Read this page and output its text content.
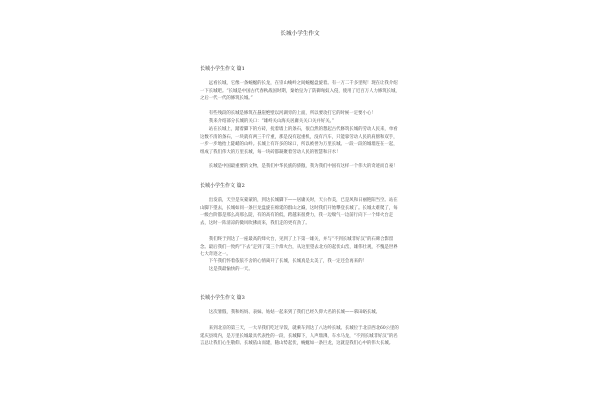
长城小学生作文
长城小学生作文 篇1

远看长城，它像一条蜿蜒的长龙，在崇山峻岭之间蜿蜒盘旋着。有一万二千多里呢！现在让我介绍一下长城吧。“长城是中国古代春秋战国时期，秦始皇为了防御匈奴入侵，使用了近百万人力修筑长城，之后一代一代的修筑长城。”

有些残段的长城是修筑在悬崖绝壁以河湖旁的上面，所以要攻打它的时候一定要小心！

我来介绍部分长城的关口：“雄峙关山海关居庸关关口关并好关。”

站在长城上，踏着脚下的方砖，抚着墙上的条石，很自然的想起古代修筑长城的劳动人民来，单看这数不清的条石，一块就有两三千斤重，那是没有起重机，没有汽车，只能靠劳动人民的肩膀和双手，一步一步地抬上陡峭的山岭。长城上有许多的垛口，所以被誉为万里长城。一段一段的城墙连在一起，组成了我们伟大的万里长城，每一块砖都凝聚着劳动人民的智慧和汗水！

长城是中国最重要的文物，是我们中华民族的骄傲，我为我们中国有这样一个伟大的奇迹而自豪！

长城小学生作文 篇2

出发前，天空是灰蒙蒙的，到达长城脚下——居庸关时，天公作美，已是风和日丽艳阳当空。站在山脚下望去，长城如同一条巨龙盘旋在绵延的群山之巅，这时我们开始攀登长城了。长城太难爬了，每一级台阶都是那么高那么陡，有的高有的低，跨越来很费力，我一边喘气一边前行向下一个烽火台走去，这时一阵清凉的微风吹拂而来，我们走的更有劲了。

我们终于到达了一座最高的烽火台，见到了上下第一雄关，并与“不到长城非好汉”的石碑合影留念。最后我们一致约“下去”走到了第三个烽火台，从这里望去北方的起伏山峦，雄伟壮观，不愧是世界七大奇迹之一。

下午我们怀着依依不舍的心情离开了长城，长城真是太美了，我一定还会再来的！

这是我最愉快的一天。

长城小学生作文 篇3

这次暑假，我和妈妈、表妹、姑姑一起来到了我们已经久仰大名的长城——慕田峪长城。

来到北京的第三天，一大早我们吃过早饭，就乘车到达了八达岭长城。长城位于北京西北60公里的延庆县境内，是万里长城最具代表性的一段，长城脚下，人声鼎沸，车水马龙，“不到长城非好汉”的名言总让我们心生敬仰。长城依山而建，随山势起伏，蜿蜒如一条巨龙，这就是我们心中的伟大长城。
